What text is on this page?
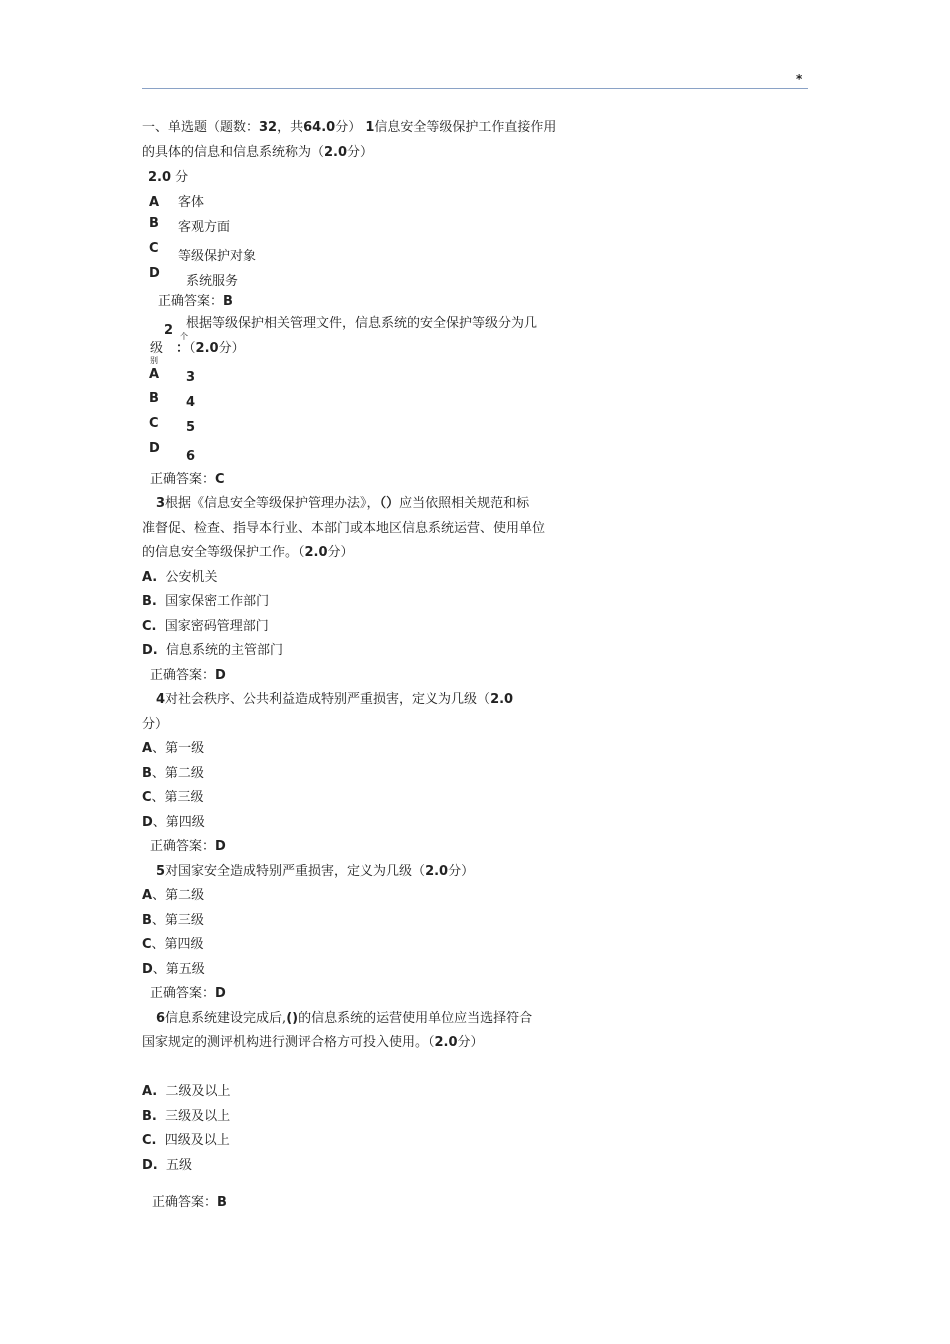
*
一、单选题（题数：32，共64.0分） 1信息安全等级保护工作直接作用
的具体的信息和信息系统称为（2.0分）
2.0 分
A 客体
B 客观方面
C
等级保护对象
D
系统服务
正确答案：B
2 根据等级保护相关管理文件，信息系统的安全保护等级分为几
个
级
别
：（2.0分）
A 3
B 4
C 5
D
6
正确答案：C
3根据《信息安全等级保护管理办法》，（）应当依照相关规范和标
准督促、检查、指导本行业、本部门或本地区信息系统运营、使用单位
的信息安全等级保护工作。（2.0分）
A. 公安机关
B. 国家保密工作部门
C. 国家密码管理部门
D. 信息系统的主管部门
正确答案：D
4对社会秩序、公共利益造成特别严重损害，定义为几级（2.0
分）
A、第一级
B、第二级
C、第三级
D、第四级
正确答案：D
5对国家安全造成特别严重损害，定义为几级（2.0分）
A、第二级
B、第三级
C、第四级
D、第五级
正确答案：D
6信息系统建设完成后,()的信息系统的运营使用单位应当选择符合
国家规定的测评机构进行测评合格方可投入使用。（2.0分）
A. 二级及以上
B. 三级及以上
C. 四级及以上
D. 五级
正确答案：B
